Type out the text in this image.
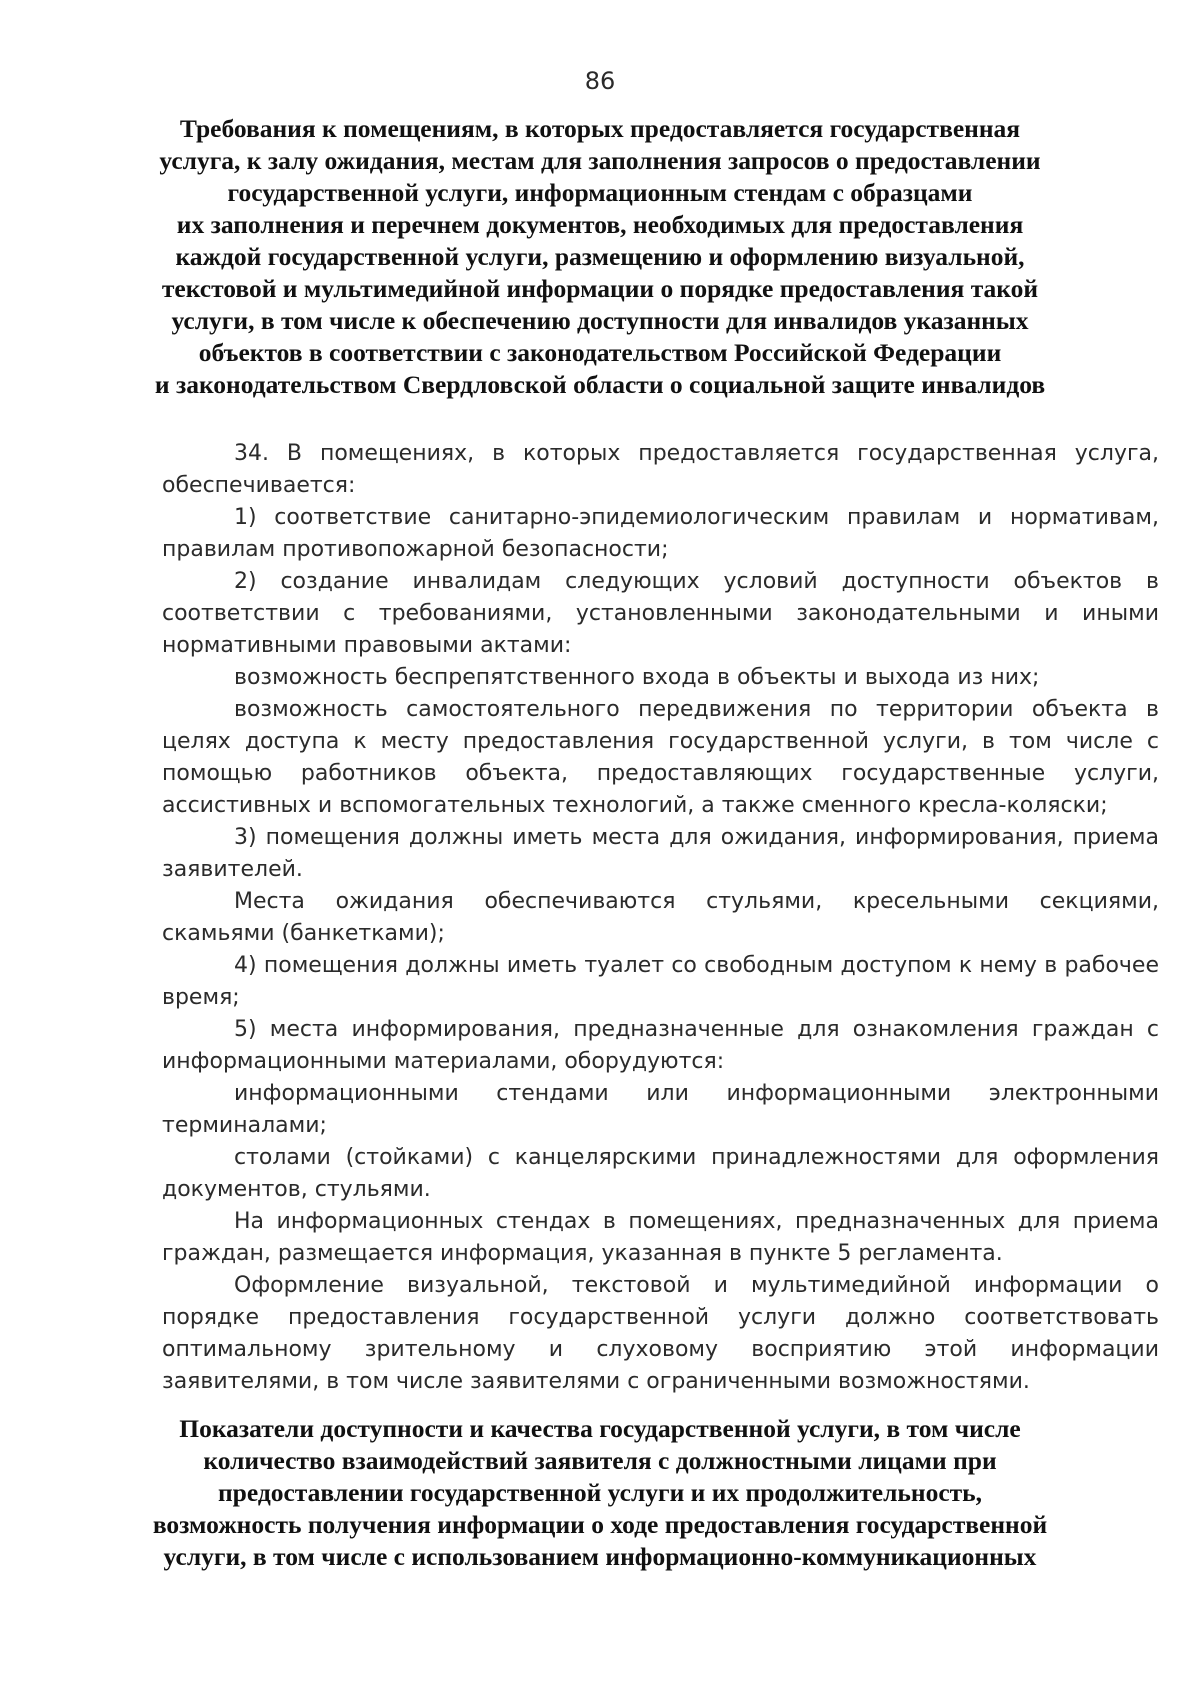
86
Требования к помещениям, в которых предоставляется государственная
услуга, к залу ожидания, местам для заполнения запросов о предоставлении
государственной услуги, информационным стендам с образцами
их заполнения и перечнем документов, необходимых для предоставления
каждой государственной услуги, размещению и оформлению визуальной,
текстовой и мультимедийной информации о порядке предоставления такой
услуги, в том числе к обеспечению доступности для инвалидов указанных
объектов в соответствии с законодательством Российской Федерации
и законодательством Свердловской области о социальной защите инвалидов

34. В помещениях, в которых предоставляется государственная услуга, обеспечивается:

1) соответствие санитарно-эпидемиологическим правилам и нормативам, правилам противопожарной безопасности;

2) создание инвалидам следующих условий доступности объектов в соответствии с требованиями, установленными законодательными и иными нормативными правовыми актами:

возможность беспрепятственного входа в объекты и выхода из них;

возможность самостоятельного передвижения по территории объекта в целях доступа к месту предоставления государственной услуги, в том числе с помощью работников объекта, предоставляющих государственные услуги, ассистивных и вспомогательных технологий, а также сменного кресла-коляски;

3) помещения должны иметь места для ожидания, информирования, приема заявителей.

Места ожидания обеспечиваются стульями, кресельными секциями, скамьями (банкетками);

4) помещения должны иметь туалет со свободным доступом к нему в рабочее время;

5) места информирования, предназначенные для ознакомления граждан с информационными материалами, оборудуются:

информационными стендами или информационными электронными терминалами;

столами (стойками) с канцелярскими принадлежностями для оформления документов, стульями.

На информационных стендах в помещениях, предназначенных для приема граждан, размещается информация, указанная в пункте 5 регламента.

Оформление визуальной, текстовой и мультимедийной информации о порядке предоставления государственной услуги должно соответствовать оптимальному зрительному и слуховому восприятию этой информации заявителями, в том числе заявителями с ограниченными возможностями.

Показатели доступности и качества государственной услуги, в том числе
количество взаимодействий заявителя с должностными лицами при
предоставлении государственной услуги и их продолжительность,
возможность получения информации о ходе предоставления государственной
услуги, в том числе с использованием информационно-коммуникационных
